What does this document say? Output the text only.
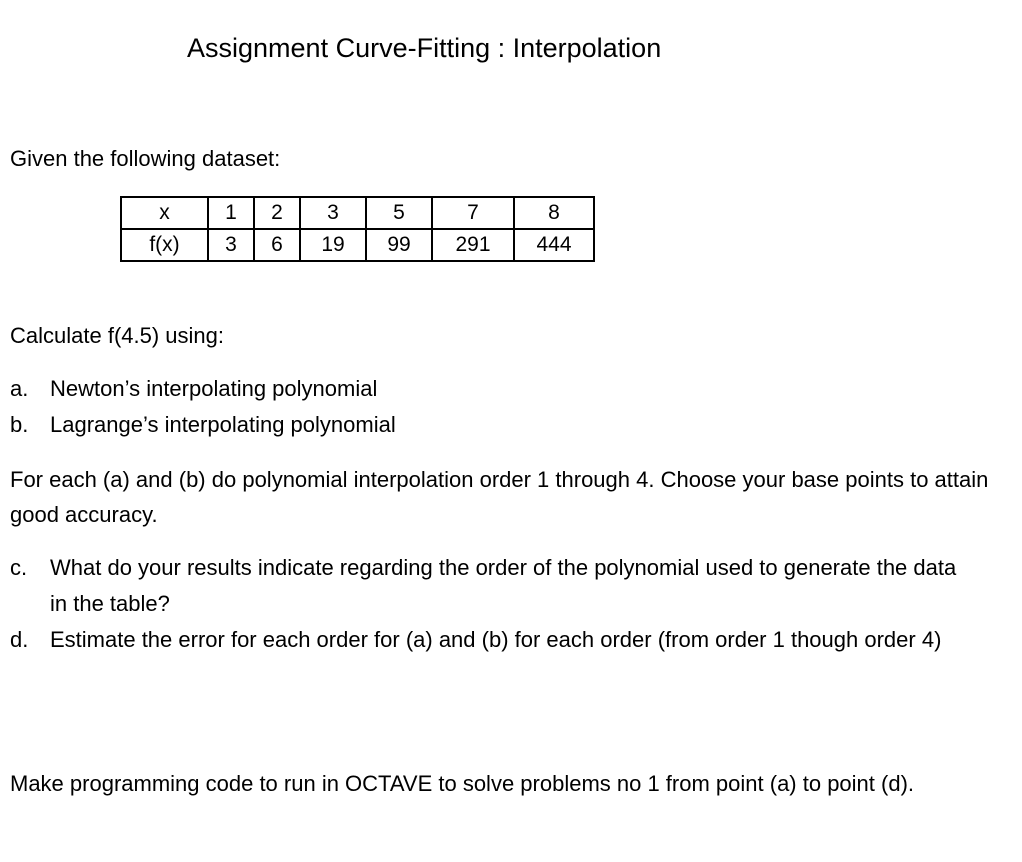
Assignment Curve-Fitting : Interpolation
Given the following dataset:
x	1	2	3	5	7	8
f(x)	3	6	19	99	291	444
Calculate f(4.5) using:
a. Newton’s interpolating polynomial
b. Lagrange’s interpolating polynomial
For each (a) and (b) do polynomial interpolation order 1 through 4. Choose your base points to attain good accuracy.
c. What do your results indicate regarding the order of the polynomial used to generate the data in the table?
d. Estimate the error for each order for (a) and (b) for each order (from order 1 though order 4)
Make programming code to run in OCTAVE to solve problems no 1 from point (a) to point (d).
